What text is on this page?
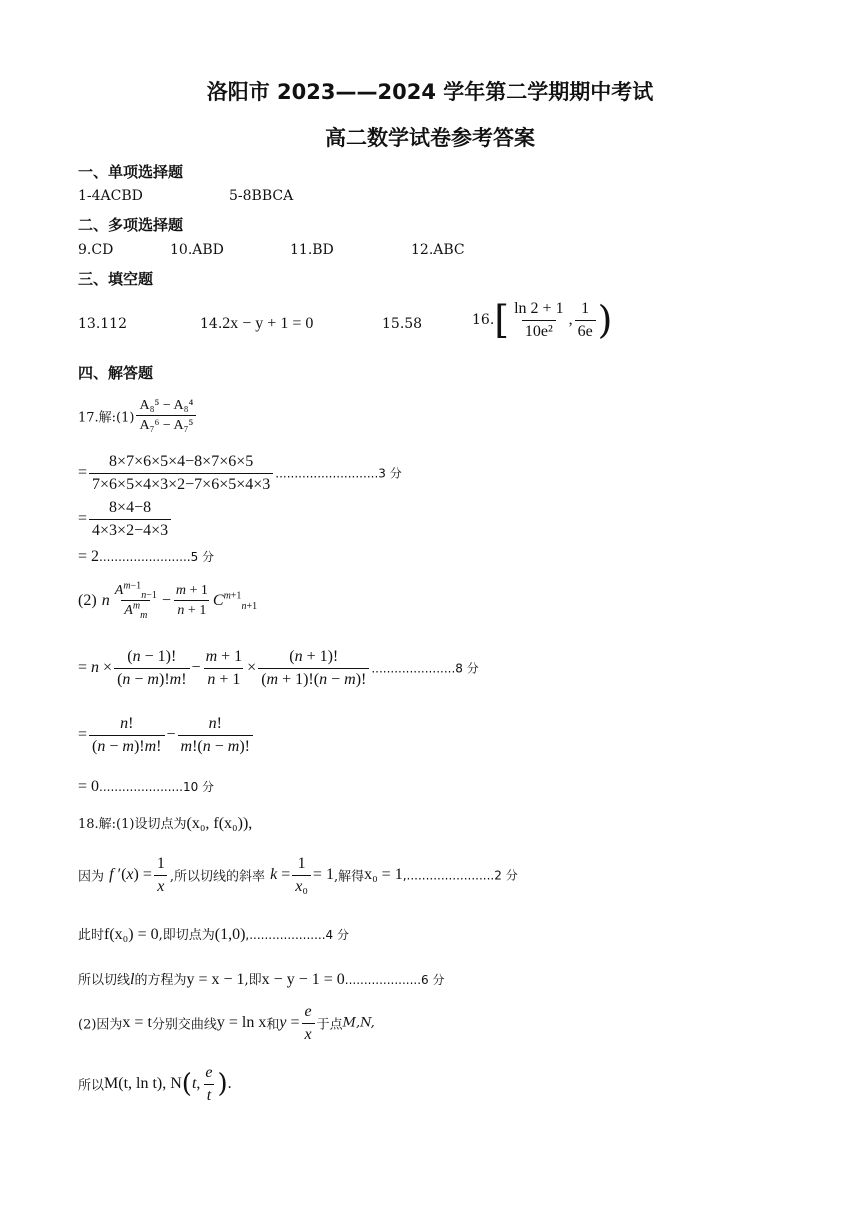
洛阳市 2023——2024 学年第二学期期中考试
高二数学试卷参考答案
一、单项选择题
1-4ACBD	5-8BBCA
二、多项选择题
9.CD	10.ABD	11.BD	12.ABC
三、填空题
13.112	14.2x − y + 1 = 0	15.58	$16.[ \frac{\ln 2 + 1}{\text{10e²}}$ , $\frac{1}{6e}$ )
四、解答题
17.解:(1) $\frac{\text{A₈⁵ − A₈⁴}}{\text{A₇⁶ − A₇⁵}}$
= $\frac{8\times 7\times 6\times 5\times 4-8\times 7\times 6\times 5}{7\times 6\times 5\times 4\times 3\times 2-7\times 6\times 5\times 4\times 3} ...........................3$ 分
= $\frac{8\times 4-8}{4\times 3\times 2-4\times 3}$
= 2........................5 分
(2) n $\frac{A^{m-1}_{n-1}}{A^m_m} - \frac{m + 1}{n + 1} C^{m+1}_{n+1}$
= $n \times \frac{(n - 1)!}{(n - m)!m!} - \frac{m + 1}{n + 1} \times \frac{(n + 1)!}{(m + 1)!(n - m)!} ......................8$ 分
= $\frac{n!}{(n - m)!m!} - \frac{n!}{m!(n - m)!}$
= 0......................10 分
18.解:(1)设切点为(x₀, f(x₀)),
因为 f $'(x) = \frac{1}{x}$ ,所以切线的斜率 $k = \frac{1}{\text{x₀}} = 1$,解得x₀ = 1,.......................2 分
此时f(x₀) = 0,即切点为(1,0),....................4 分
所以切线l的方程为y = x − 1,即x − y − 1 = 0....................6 分
(2)因为x = t分别交曲线y = ln x和$y = \frac{e}{x}$ 于点M,N,
所以M(t, ln t), N(t, $\frac{e}{t}$ ).
